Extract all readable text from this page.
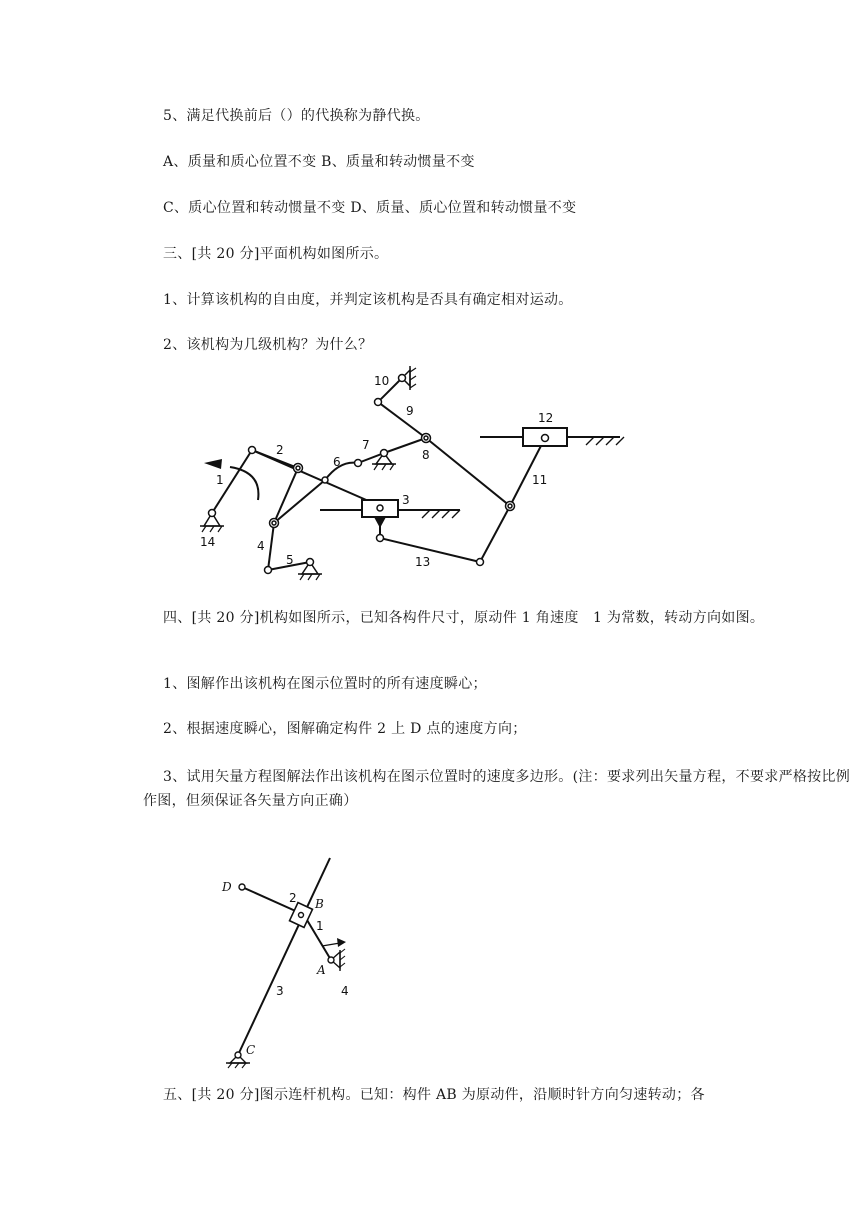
5、满足代换前后（）的代换称为静代换。
A、质量和质心位置不变 B、质量和转动惯量不变
C、质心位置和转动惯量不变 D、质量、质心位置和转动惯量不变
三、[共 20 分]平面机构如图所示。
1、计算该机构的自由度，并判定该机构是否具有确定相对运动。
2、该机构为几级机构？为什么？
1
2
3
4
5
6
7
8
9
10
11
12
13
14
四、[共 20 分]机构如图所示，已知各构件尺寸，原动件 1 角速度　1 为常数，转动方向如图。
1、图解作出该机构在图示位置时的所有速度瞬心；
2、根据速度瞬心，图解确定构件 2 上 D 点的速度方向；
3、试用矢量方程图解法作出该机构在图示位置时的速度多边形。(注：要求列出矢量方程，不要求严格按比例作图，但须保证各矢量方向正确）
D
2 B
1
A
4
3
C
五、[共 20 分]图示连杆机构。已知：构件 AB 为原动件，沿顺时针方向匀速转动；各
